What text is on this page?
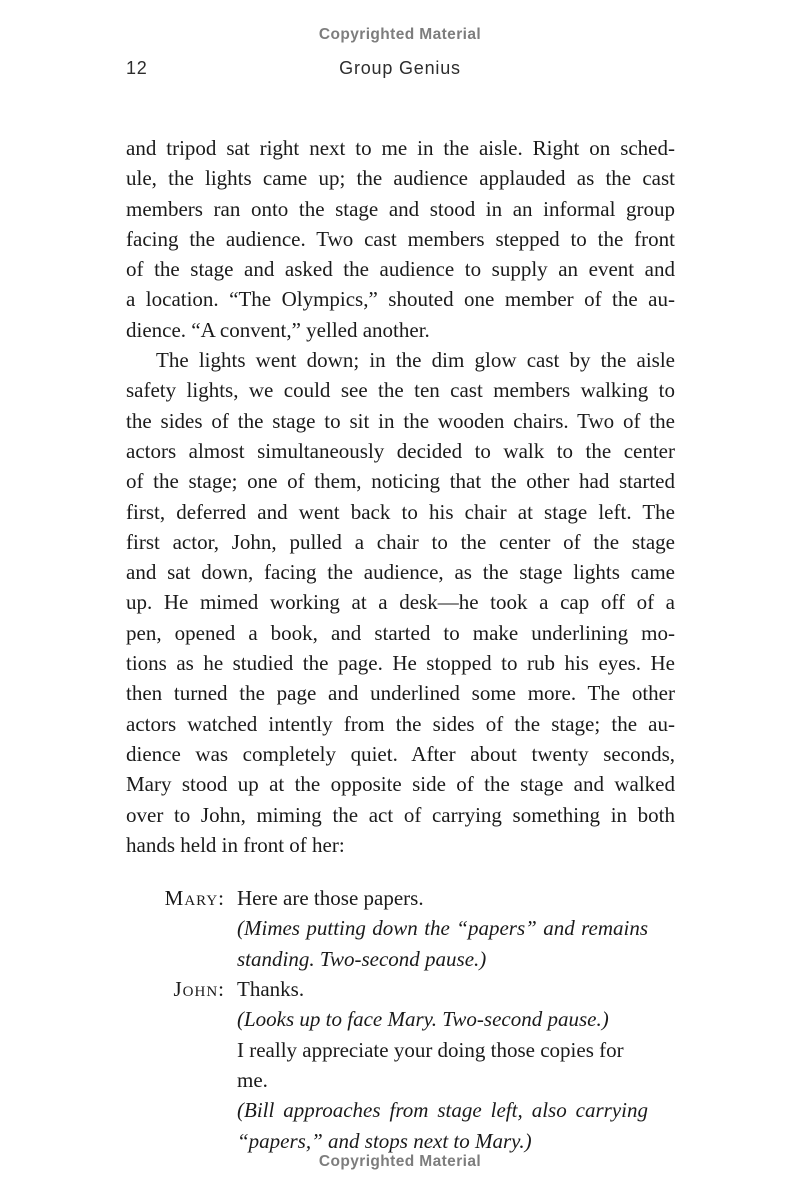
Copyrighted Material
12	Group Genius
and tripod sat right next to me in the aisle. Right on sched-
ule, the lights came up; the audience applauded as the cast
members ran onto the stage and stood in an informal group
facing the audience. Two cast members stepped to the front
of the stage and asked the audience to supply an event and
a location. “The Olympics,” shouted one member of the au-
dience. “A convent,” yelled another.
The lights went down; in the dim glow cast by the aisle
safety lights, we could see the ten cast members walking to
the sides of the stage to sit in the wooden chairs. Two of the
actors almost simultaneously decided to walk to the center
of the stage; one of them, noticing that the other had started
first, deferred and went back to his chair at stage left. The
first actor, John, pulled a chair to the center of the stage
and sat down, facing the audience, as the stage lights came
up. He mimed working at a desk—he took a cap off of a
pen, opened a book, and started to make underlining mo-
tions as he studied the page. He stopped to rub his eyes. He
then turned the page and underlined some more. The other
actors watched intently from the sides of the stage; the au-
dience was completely quiet. After about twenty seconds,
Mary stood up at the opposite side of the stage and walked
over to John, miming the act of carrying something in both
hands held in front of her:
Mary: Here are those papers.
(Mimes putting down the “papers” and remains
standing. Two-second pause.)
John: Thanks.
(Looks up to face Mary. Two-second pause.)
I really appreciate your doing those copies for me.
(Bill approaches from stage left, also carrying
“papers,” and stops next to Mary.)
Copyrighted Material
